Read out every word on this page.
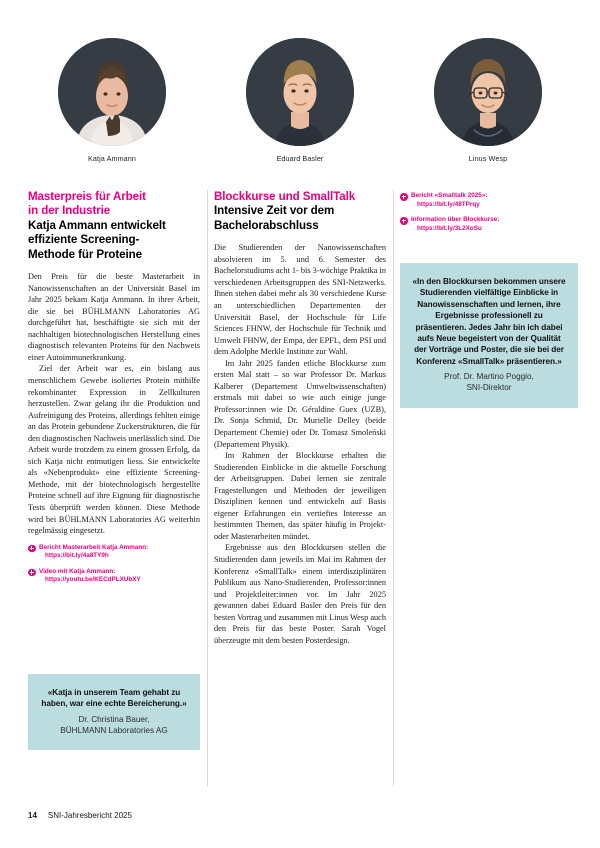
Katja Ammann	Eduard Basler	Linus Wesp
Masterpreis für Arbeit
in der Industrie
Katja Ammann entwickelt
effiziente Screening-
Methode für Proteine

Den Preis für die beste Masterarbeit in Nanowissenschaften an der Universität Basel im Jahr 2025 bekam Katja Ammann. In ihrer Arbeit, die sie bei BÜHLMANN Laboratories AG durchgeführt hat, beschäftigte sie sich mit der nachhaltigen biotechnologischen Herstellung eines diagnostisch relevanten Proteins für den Nachweis einer Autoimmunerkrankung.

Ziel der Arbeit war es, ein bislang aus menschlichem Gewebe isoliertes Protein mithilfe rekombinanter Expression in Zellkulturen herzustellen. Zwar gelang ihr die Produktion und Aufreinigung des Proteins, allerdings fehlten einige an das Protein gebundene Zuckerstrukturen, die für den diagnostischen Nachweis unerlässlich sind. Die Arbeit wurde trotzdem zu einem grossen Erfolg, da sich Katja nicht entmutigen liess. Sie entwickelte als «Nebenprodukt» eine effiziente Screening-Methode, mit der biotechnologisch hergestellte Proteine schnell auf ihre Eignung für diagnostische Tests überprüft werden können. Diese Methode wird bei BÜHLMANN Laboratories AG weiterhin regelmässig eingesetzt.

Bericht Masterarbeit Katja Ammann:
https://bit.ly/4a8TY9h
Video mit Katja Ammann:
https://youtu.be/KECdPLXUbXY

«Katja in unserem Team gehabt zu haben, war eine echte Bereicherung.»

Dr. Christina Bauer,
BÜHLMANN Laboratories AG

Blockkurse und SmallTalk
Intensive Zeit vor dem
Bachelorabschluss

Die Studierenden der Nanowissenschaften absolvieren im 5. und 6. Semester des Bachelorstudiums acht 1- bis 3-wöchige Praktika in verschiedenen Arbeitsgruppen des SNI-Netzwerks. Ihnen stehen dabei mehr als 30 verschiedene Kurse an unterschiedlichen Departementen der Universität Basel, der Hochschule für Life Sciences FHNW, der Hochschule für Technik und Umwelt FHNW, der Empa, der EPFL, dem PSI und dem Adolphe Merkle Institute zur Wahl.

Im Jahr 2025 fanden etliche Blockkurse zum ersten Mal statt – so war Professor Dr. Markus Kalberer (Departement Umweltwissenschaften) erstmals mit dabei so wie auch einige junge Professor:innen wie Dr. Géraldine Guex (UZB), Dr. Sonja Schmid, Dr. Murielle Delley (beide Departement Chemie) oder Dr. Tomasz Smoleński (Departement Physik).

Im Rahmen der Blockkurse erhalten die Studierenden Einblicke in die aktuelle Forschung der Arbeitsgruppen. Dabei lernen sie zentrale Fragestellungen und Methoden der jeweiligen Disziplinen kennen und entwickeln auf Basis eigener Erfahrungen ein vertieftes Interesse an bestimmten Themen, das später häufig in Projekt- oder Masterarbeiten mündet.

Ergebnisse aus den Blockkursen stellen die Studierenden dann jeweils im Mai im Rahmen der Konferenz «SmallTalk» einem interdisziplinären Publikum aus Nano-Studierenden, Professor:innen und Projektleiter:innen vor. Im Jahr 2025 gewannen dabei Eduard Basler den Preis für den besten Vortrag und zusammen mit Linus Wesp auch den Preis für das beste Poster. Sarah Vogel überzeugte mit dem besten Posterdesign.

Bericht «Smalltalk 2025»:
https://bit.ly/48TPrqy
Information über Blockkurse:
https://bit.ly/3L2XoSu

«In den Blockkursen bekommen unsere Studierenden vielfältige Einblicke in Nanowissenschaften und lernen, ihre Ergebnisse professionell zu präsentieren. Jedes Jahr bin ich dabei aufs Neue begeistert von der Qualität der Vorträge und Poster, die sie bei der Konferenz «SmallTalk» präsentieren.»

Prof. Dr. Martino Poggio,
SNI-Direktor

14 SNI-Jahresbericht 2025
